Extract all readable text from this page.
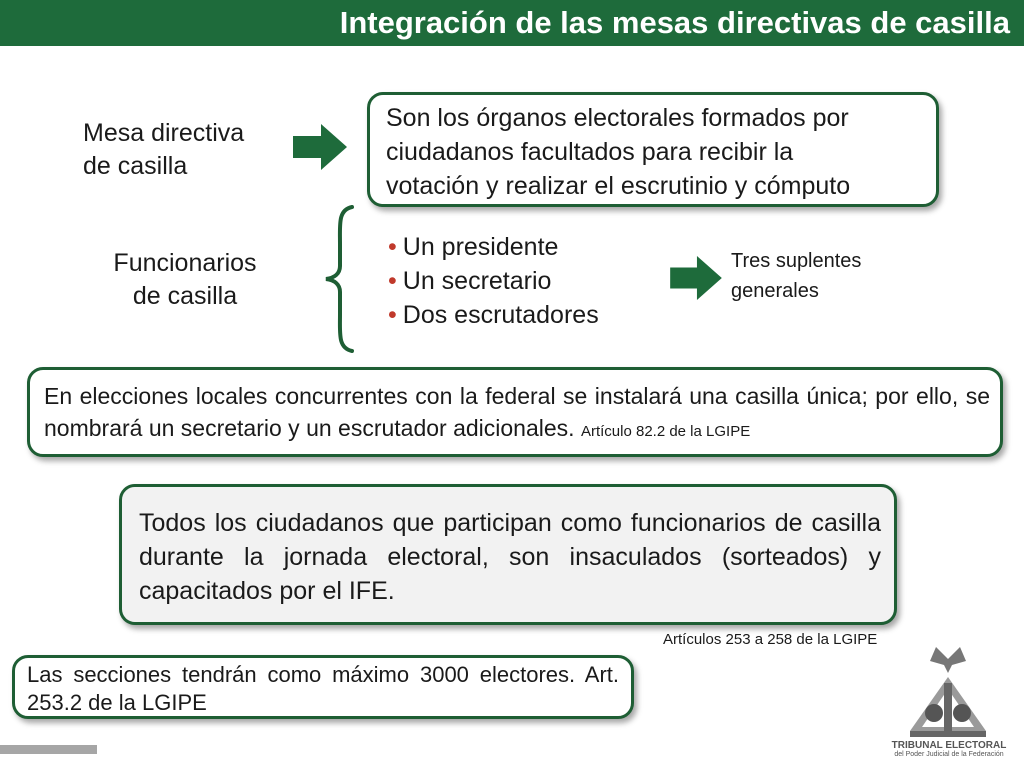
Integración de las mesas directivas de casilla
Mesa directiva
de casilla
Son los órganos electorales formados por
ciudadanos facultados para recibir la
votación y realizar el escrutinio y cómputo
Funcionarios
de casilla
• Un presidente
• Un secretario
• Dos escrutadores
Tres suplentes
generales
En elecciones locales concurrentes con la federal se instalará una casilla única; por ello, se nombrará un secretario y un escrutador adicionales. Artículo 82.2 de la LGIPE
Todos los ciudadanos que participan como funcionarios de casilla durante la jornada electoral, son insaculados (sorteados) y capacitados por el IFE.
Artículos 253 a 258 de la LGIPE
Las secciones tendrán como máximo 3000 electores. Art. 253.2 de la LGIPE
TRIBUNAL ELECTORAL
del Poder Judicial de la Federación
